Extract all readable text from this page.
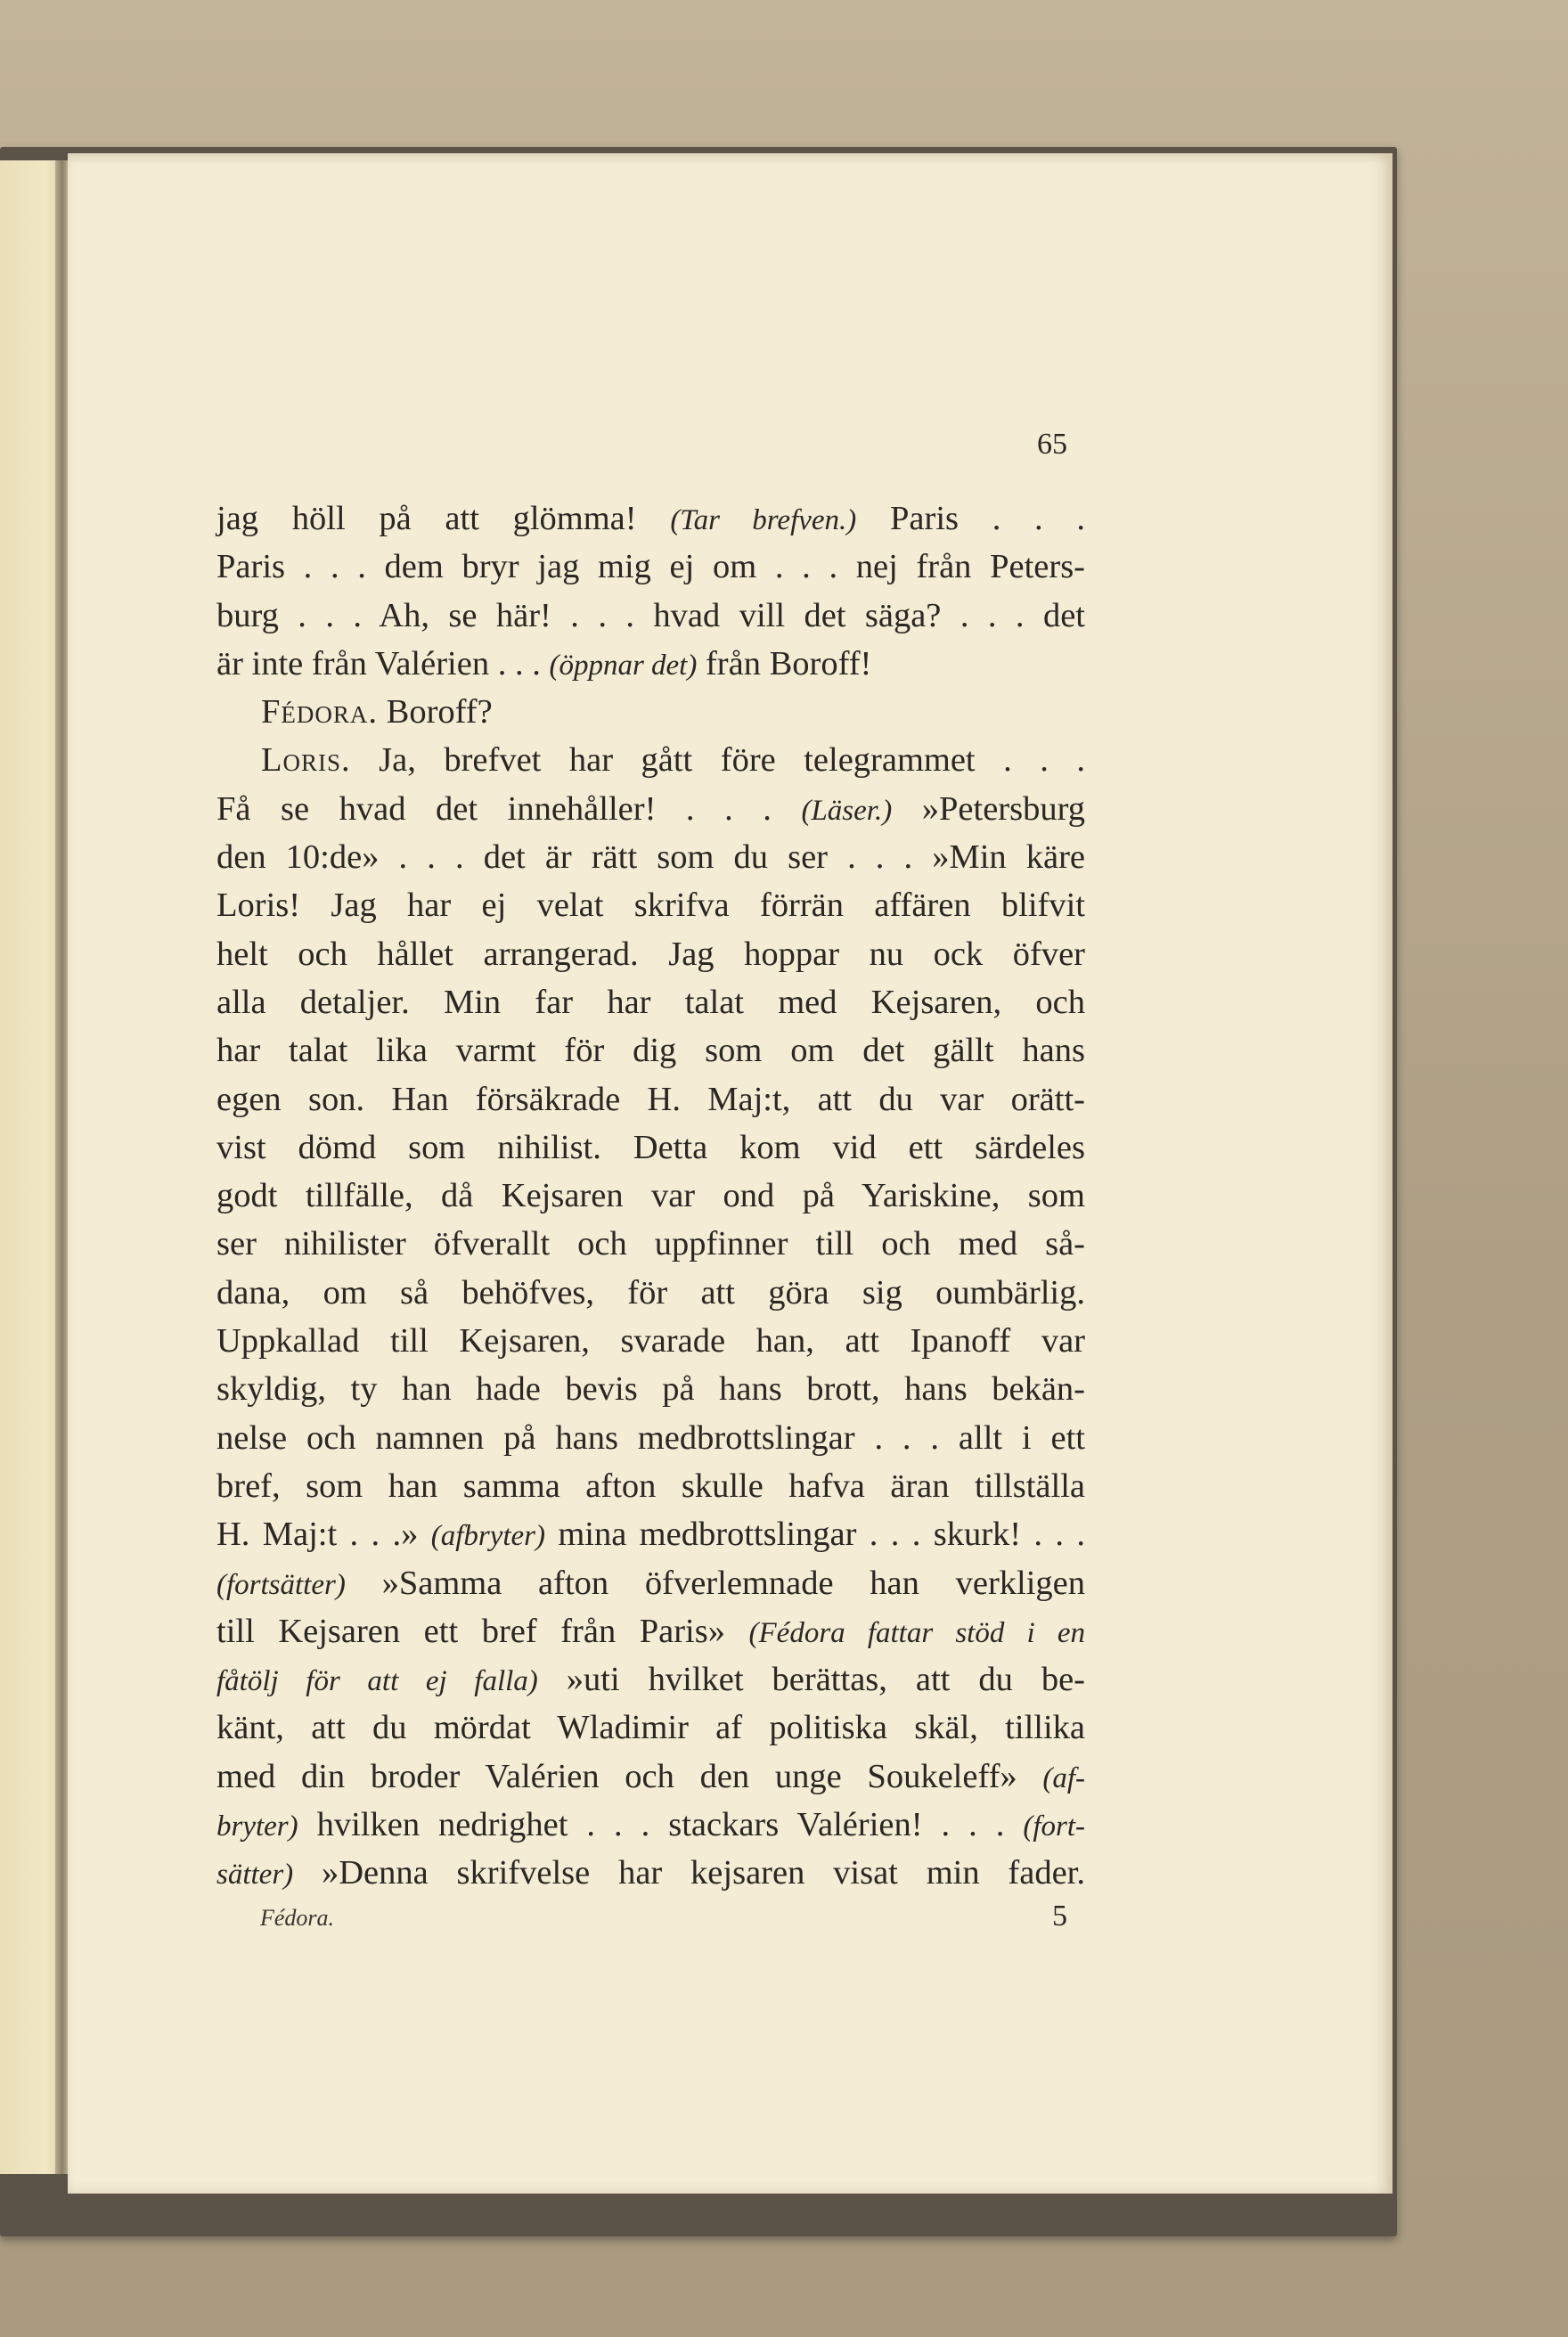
65
jag höll på att glömma! (Tar brefven.) Paris . . .
Paris . . . dem bryr jag mig ej om . . . nej från Peters-
burg . . . Ah, se här! . . . hvad vill det säga? . . . det
är inte från Valérien . . . (öppnar det) från Boroff!
Fédora. Boroff?
Loris. Ja, brefvet har gått före telegrammet . . .
Få se hvad det innehåller! . . . (Läser.) »Petersburg
den 10:de» . . . det är rätt som du ser . . . »Min käre
Loris! Jag har ej velat skrifva förrän affären blifvit
helt och hållet arrangerad. Jag hoppar nu ock öfver
alla detaljer. Min far har talat med Kejsaren, och
har talat lika varmt för dig som om det gällt hans
egen son. Han försäkrade H. Maj:t, att du var orätt-
vist dömd som nihilist. Detta kom vid ett särdeles
godt tillfälle, då Kejsaren var ond på Yariskine, som
ser nihilister öfverallt och uppfinner till och med så-
dana, om så behöfves, för att göra sig oumbärlig.
Uppkallad till Kejsaren, svarade han, att Ipanoff var
skyldig, ty han hade bevis på hans brott, hans bekän-
nelse och namnen på hans medbrottslingar . . . allt i ett
bref, som han samma afton skulle hafva äran tillställa
H. Maj:t . . .» (afbryter) mina medbrottslingar . . . skurk! . . .
(fortsätter) »Samma afton öfverlemnade han verkligen
till Kejsaren ett bref från Paris» (Fédora fattar stöd i en
fåtölj för att ej falla) »uti hvilket berättas, att du be-
känt, att du mördat Wladimir af politiska skäl, tillika
med din broder Valérien och den unge Soukeleff» (af-
bryter) hvilken nedrighet . . . stackars Valérien! . . . (fort-
sätter) »Denna skrifvelse har kejsaren visat min fader.
Fédora.	5
